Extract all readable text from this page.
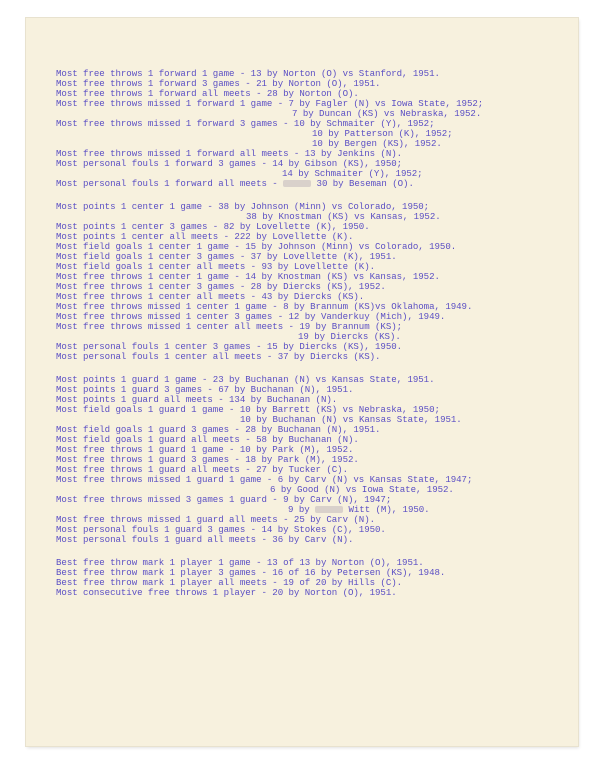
Most free throws 1 forward 1 game - 13 by Norton (O) vs Stanford, 1951.
Most free throws 1 forward 3 games - 21 by Norton (O), 1951.
Most free throws 1 forward all meets - 28 by Norton (O).
Most free throws missed 1 forward 1 game - 7 by Fagler (N) vs Iowa State, 1952;
7 by Duncan (KS) vs Nebraska, 1952.
Most free throws missed 1 forward 3 games - 10 by Schmaiter (Y), 1952;
10 by Patterson (K), 1952;
10 by Bergen (KS), 1952.
Most free throws missed 1 forward all meets - 13 by Jenkins (N).
Most personal fouls 1 forward 3 games - 14 by Gibson (KS), 1950;
14 by Schmaiter (Y), 1952;
Most personal fouls 1 forward all meets -	30 by Beseman (O).
Most points 1 center 1 game - 38 by Johnson (Minn) vs Colorado, 1950;
38 by Knostman (KS) vs Kansas, 1952.
Most points 1 center 3 games - 82 by Lovellette (K), 1950.
Most points 1 center all meets - 222 by Lovellette (K).
Most field goals 1 center 1 game - 15 by Johnson (Minn) vs Colorado, 1950.
Most field goals 1 center 3 games - 37 by Lovellette (K), 1951.
Most field goals 1 center all meets - 93 by Lovellette (K).
Most free throws 1 center 1 game - 14 by Knostman (KS) vs Kansas, 1952.
Most free throws 1 center 3 games - 28 by Diercks (KS), 1952.
Most free throws 1 center all meets - 43 by Diercks (KS).
Most free throws missed 1 center 1 game - 8 by Brannum (KS)vs Oklahoma, 1949.
Most free throws missed 1 center 3 games - 12 by Vanderkuy (Mich), 1949.
Most free throws missed 1 center all meets - 19 by Brannum (KS);
19 by Diercks (KS).
Most personal fouls 1 center 3 games - 15 by Diercks (KS), 1950.
Most personal fouls 1 center all meets - 37 by Diercks (KS).
Most points 1 guard 1 game - 23 by Buchanan (N) vs Kansas State, 1951.
Most points 1 guard 3 games - 67 by Buchanan (N), 1951.
Most points 1 guard all meets - 134 by Buchanan (N).
Most field goals 1 guard 1 game - 10 by Barrett (KS) vs Nebraska, 1950;
10 by Buchanan (N) vs Kansas State, 1951.
Most field goals 1 guard 3 games - 28 by Buchanan (N), 1951.
Most field goals 1 guard all meets - 58 by Buchanan (N).
Most free throws 1 guard 1 game - 10 by Park (M), 1952.
Most free throws 1 guard 3 games - 18 by Park (M), 1952.
Most free throws 1 guard all meets - 27 by Tucker (C).
Most free throws missed 1 guard 1 game - 6 by Carv (N) vs Kansas State, 1947;
6 by Good (N) vs Iowa State, 1952.
Most free throws missed 3 games 1 guard - 9 by Carv (N), 1947;
9 by	Witt (M), 1950.
Most free throws missed 1 guard all meets - 25 by Carv (N).
Most personal fouls 1 guard 3 games - 14 by Stokes (C), 1950.
Most personal fouls 1 guard all meets - 36 by Carv (N).
Best free throw mark 1 player 1 game - 13 of 13 by Norton (O), 1951.
Best free throw mark 1 player 3 games - 16 of 16 by Petersen (KS), 1948.
Best free throw mark 1 player all meets - 19 of 20 by Hills (C).
Most consecutive free throws 1 player - 20 by Norton (O), 1951.
